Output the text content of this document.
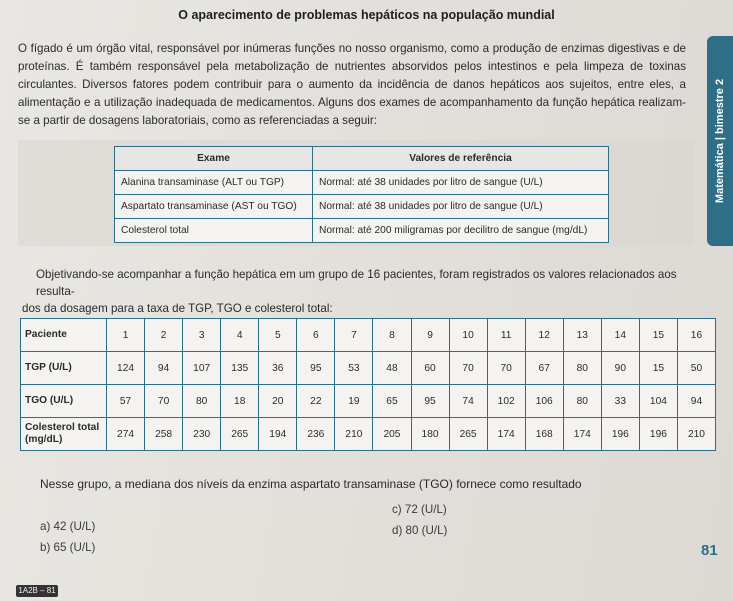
O aparecimento de problemas hepáticos na população mundial

O fígado é um órgão vital, responsável por inúmeras funções no nosso organismo, como a produção de enzimas digestivas e de proteínas. É também responsável pela metabolização de nutrientes absorvidos pelos intestinos e pela limpeza de toxinas circulantes. Diversos fatores podem contribuir para o aumento da incidência de danos hepáticos aos sujeitos, entre eles, a alimentação e a utilização inadequada de medicamentos. Alguns dos exames de acompanhamento da função hepática realizam-se a partir de dosagens laboratoriais, como as referenciadas a seguir:	Matemática | bimestre 2
Exame	Valores de referência
Alanina transaminase (ALT ou TGP)	Normal: até 38 unidades por litro de sangue (U/L)
Aspartato transaminase (AST ou TGO)	Normal: até 38 unidades por litro de sangue (U/L)
Colesterol total	Normal: até 200 miligramas por decilitro de sangue (mg/dL)

Objetivando-se acompanhar a função hepática em um grupo de 16 pacientes, foram registrados os valores relacionados aos resulta-
dos da dosagem para a taxa de TGP, TGO e colesterol total:

Paciente	1	2	3	4	5	6	7	8	9	10	11	12	13	14	15	16
TGP (U/L)	124	94	107	135	36	95	53	48	60	70	70	67	80	90	15	50
TGO (U/L)	57	70	80	18	20	22	19	65	95	74	102	106	80	33	104	94
Colesterol total (mg/dL)	274	258	230	265	194	236	210	205	180	265	174	168	174	196	196	210

Nesse grupo, a mediana dos níveis da enzima aspartato transaminase (TGO) fornece como resultado

a) 42 (U/L)
b) 65 (U/L)
c) 72 (U/L)
d) 80 (U/L)
81
1A2B – 81
